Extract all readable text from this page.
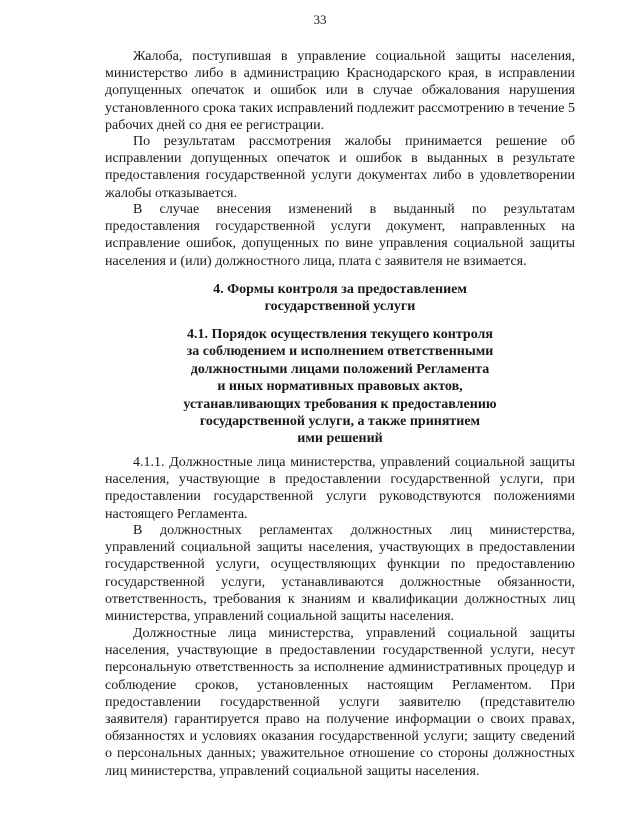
33

Жалоба, поступившая в управление социальной защиты населения, министерство либо в администрацию Краснодарского края, в исправлении допущенных опечаток и ошибок или в случае обжалования нарушения установленного срока таких исправлений подлежит рассмотрению в течение 5 рабочих дней со дня ее регистрации.

По результатам рассмотрения жалобы принимается решение об исправлении допущенных опечаток и ошибок в выданных в результате предоставления государственной услуги документах либо в удовлетворении жалобы отказывается.

В случае внесения изменений в выданный по результатам предоставления государственной услуги документ, направленных на исправление ошибок, допущенных по вине управления социальной защиты населения и (или) должностного лица, плата с заявителя не взимается.

4. Формы контроля за предоставлением
государственной услуги
4.1. Порядок осуществления текущего контроля
за соблюдением и исполнением ответственными
должностными лицами положений Регламента
и иных нормативных правовых актов,
устанавливающих требования к предоставлению
государственной услуги, а также принятием
ими решений

4.1.1. Должностные лица министерства, управлений социальной защиты населения, участвующие в предоставлении государственной услуги, при предоставлении государственной услуги руководствуются положениями настоящего Регламента.

В должностных регламентах должностных лиц министерства, управлений социальной защиты населения, участвующих в предоставлении государственной услуги, осуществляющих функции по предоставлению государственной услуги, устанавливаются должностные обязанности, ответственность, требования к знаниям и квалификации должностных лиц министерства, управлений социальной защиты населения.

Должностные лица министерства, управлений социальной защиты населения, участвующие в предоставлении государственной услуги, несут персональную ответственность за исполнение административных процедур и соблюдение сроков, установленных настоящим Регламентом. При предоставлении государственной услуги заявителю (представителю заявителя) гарантируется право на получение информации о своих правах, обязанностях и условиях оказания государственной услуги; защиту сведений о персональных данных; уважительное отношение со стороны должностных лиц министерства, управлений социальной защиты населения.
